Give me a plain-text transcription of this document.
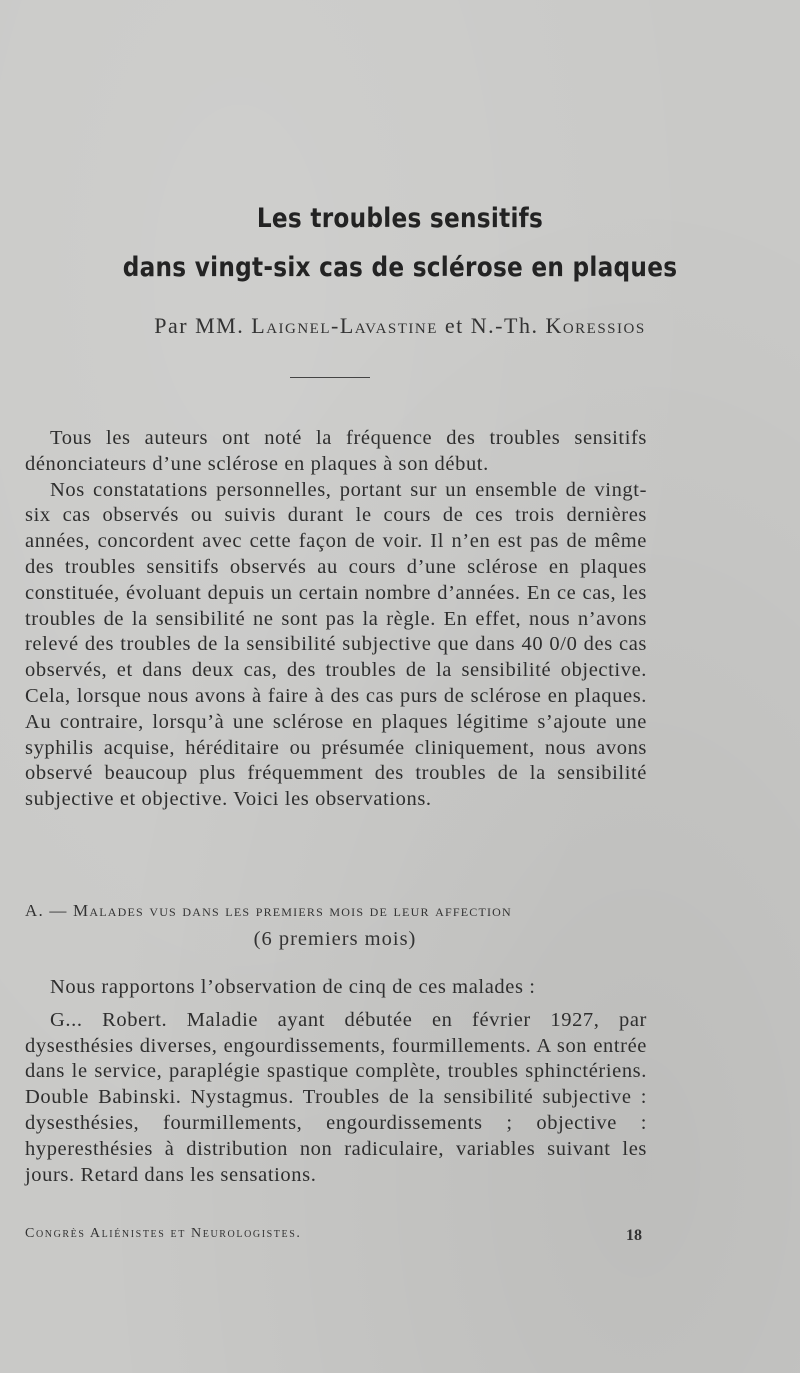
Les troubles sensitifs
dans vingt-six cas de sclérose en plaques
Par MM. Laignel-Lavastine et N.-Th. Koressios

Tous les auteurs ont noté la fréquence des troubles sensitifs dénonciateurs d’une sclérose en plaques à son début.

Nos constatations personnelles, portant sur un ensemble de vingt-six cas observés ou suivis durant le cours de ces trois dernières années, concordent avec cette façon de voir. Il n’en est pas de même des troubles sensitifs observés au cours d’une sclérose en plaques constituée, évoluant depuis un certain nombre d’années. En ce cas, les troubles de la sensibilité ne sont pas la règle. En effet, nous n’avons relevé des troubles de la sensibilité subjective que dans 40 0/0 des cas observés, et dans deux cas, des troubles de la sensibilité objective. Cela, lorsque nous avons à faire à des cas purs de sclérose en plaques. Au contraire, lorsqu’à une sclérose en plaques légitime s’ajoute une syphilis acquise, héréditaire ou présumée cliniquement, nous avons observé beaucoup plus fréquemment des troubles de la sensibilité subjective et objective. Voici les observations.

A. — Malades vus dans les premiers mois de leur affection
(6 premiers mois)

Nous rapportons l’observation de cinq de ces malades :

G... Robert. Maladie ayant débutée en février 1927, par dysesthésies diverses, engourdissements, fourmillements. A son entrée dans le service, paraplégie spastique complète, troubles sphinctériens. Double Babinski. Nystagmus. Troubles de la sensibilité subjective : dysesthésies, fourmillements, engourdissements ; objective : hyperesthésies à distribution non radiculaire, variables suivant les jours. Retard dans les sensations.

Congrès Aliénistes et Neurologistes.	18
